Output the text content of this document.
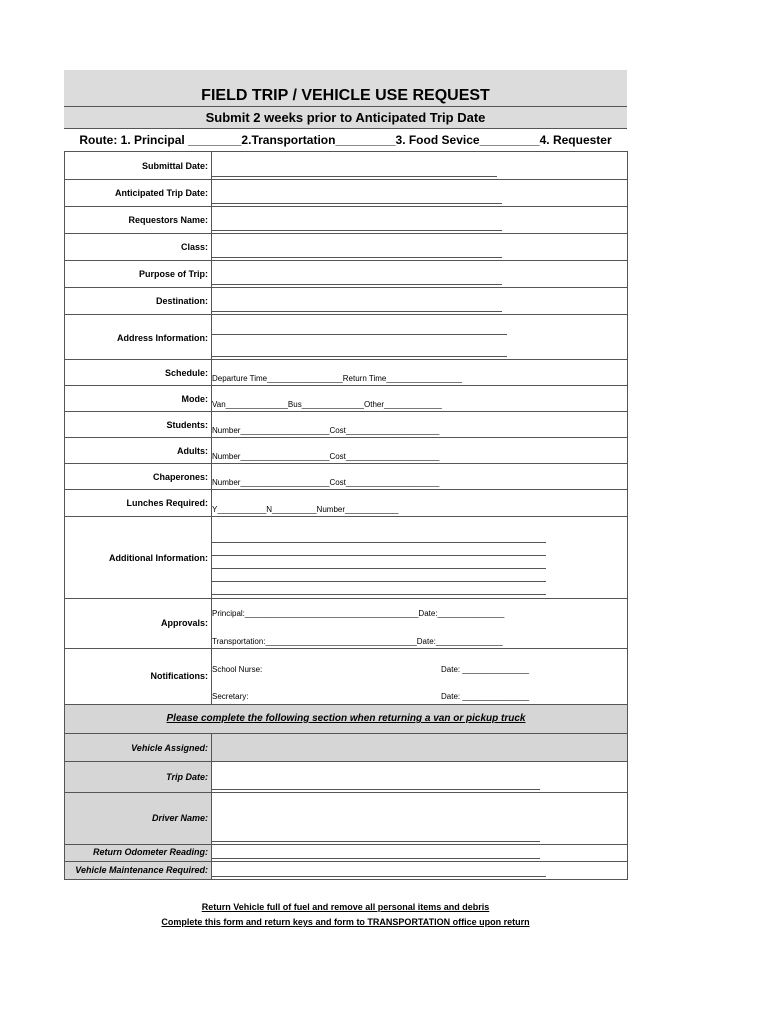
FIELD TRIP / VEHICLE USE REQUEST
Submit 2 weeks prior to Anticipated Trip Date
Route: 1. Principal ________2.Transportation_________3. Food Sevice_________4. Requester
Submittal Date:
Anticipated Trip Date:
Requestors Name:
Class:
Purpose of Trip:
Destination:
Address Information:
Schedule:
Departure Time_________________Return Time_________________
Mode:
Van______________Bus______________Other_____________
Students:
Number____________________Cost_____________________
Adults:
Number____________________Cost_____________________
Chaperones:
Number____________________Cost_____________________
Lunches Required:
Y___________N__________Number____________
Additional Information:
Approvals:
Principal:_______________________________________Date:_______________
Transportation:__________________________________Date:_______________
Notifications:
School Nurse:	Date: _______________
Secretary:	Date: _______________
Please complete the following section when returning a van or pickup truck
Vehicle Assigned:
Trip Date:
Driver Name:
Return Odometer Reading:
Vehicle Maintenance Required:
Return Vehicle full of fuel and remove all personal items and debris
Complete this form and return keys and form to TRANSPORTATION office upon return
